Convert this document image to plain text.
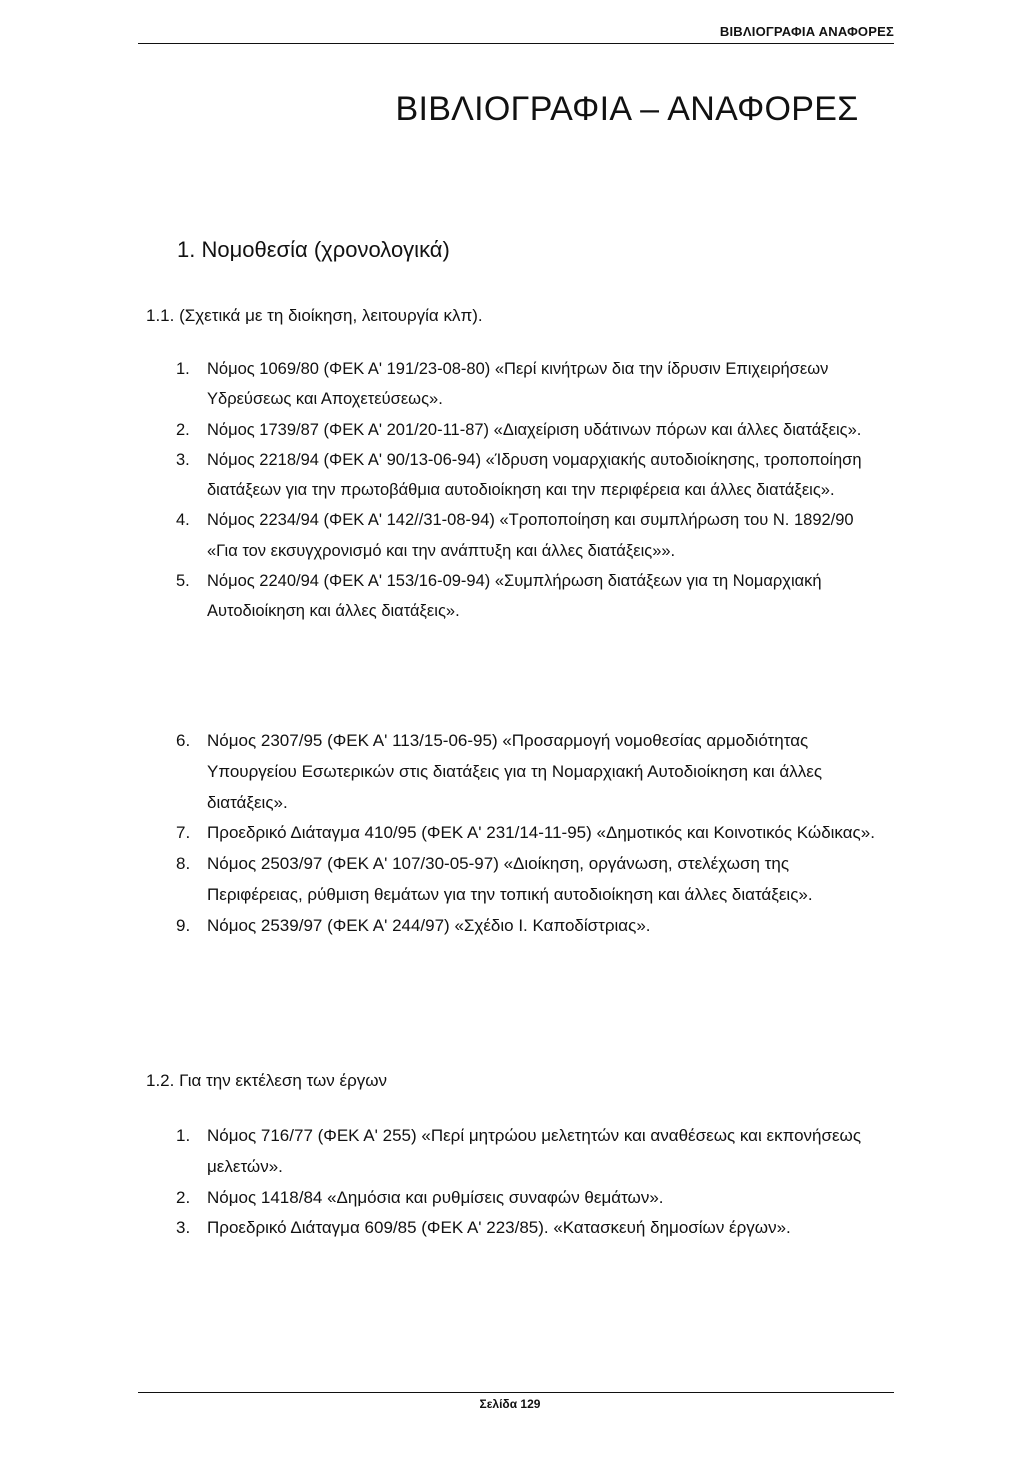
ΒΙΒΛΙΟΓΡΑΦΙΑ ΑΝΑΦΟΡΕΣ
ΒΙΒΛΙΟΓΡΑΦΙΑ – ΑΝΑΦΟΡΕΣ
1. Νομοθεσία (χρονολογικά)
1.1. (Σχετικά με τη διοίκηση, λειτουργία κλπ).
1. Νόμος 1069/80 (ΦΕΚ Α' 191/23-08-80) «Περί κινήτρων δια την ίδρυσιν Επιχειρήσεων Υδρεύσεως και Αποχετεύσεως».
2. Νόμος 1739/87 (ΦΕΚ Α' 201/20-11-87) «Διαχείριση υδάτινων πόρων και άλλες διατάξεις».
3. Νόμος 2218/94 (ΦΕΚ Α' 90/13-06-94) «Ίδρυση νομαρχιακής αυτοδιοίκησης, τροποποίηση διατάξεων για την πρωτοβάθμια αυτοδιοίκηση και την περιφέρεια και άλλες διατάξεις».
4. Νόμος 2234/94 (ΦΕΚ Α' 142//31-08-94) «Τροποποίηση και συμπλήρωση του Ν. 1892/90 «Για τον εκσυγχρονισμό και την ανάπτυξη και άλλες διατάξεις»».
5. Νόμος 2240/94 (ΦΕΚ Α' 153/16-09-94) «Συμπλήρωση διατάξεων για τη Νομαρχιακή Αυτοδιοίκηση και άλλες διατάξεις».
6. Νόμος 2307/95 (ΦΕΚ Α' 113/15-06-95) «Προσαρμογή νομοθεσίας αρμοδιότητας Υπουργείου Εσωτερικών στις διατάξεις για τη Νομαρχιακή Αυτοδιοίκηση και άλλες διατάξεις».
7. Προεδρικό Διάταγμα 410/95 (ΦΕΚ Α' 231/14-11-95) «Δημοτικός και Κοινοτικός Κώδικας».
8. Νόμος 2503/97 (ΦΕΚ Α' 107/30-05-97) «Διοίκηση, οργάνωση, στελέχωση της Περιφέρειας, ρύθμιση θεμάτων για την τοπική αυτοδιοίκηση και άλλες διατάξεις».
9. Νόμος 2539/97 (ΦΕΚ Α' 244/97) «Σχέδιο Ι. Καποδίστριας».
1.2. Για την εκτέλεση των έργων
1. Νόμος 716/77 (ΦΕΚ Α' 255) «Περί μητρώου μελετητών και αναθέσεως και εκπονήσεως μελετών».
2. Νόμος 1418/84 «Δημόσια και ρυθμίσεις συναφών θεμάτων».
3. Προεδρικό Διάταγμα 609/85 (ΦΕΚ Α' 223/85). «Κατασκευή δημοσίων έργων».
Σελίδα 129
